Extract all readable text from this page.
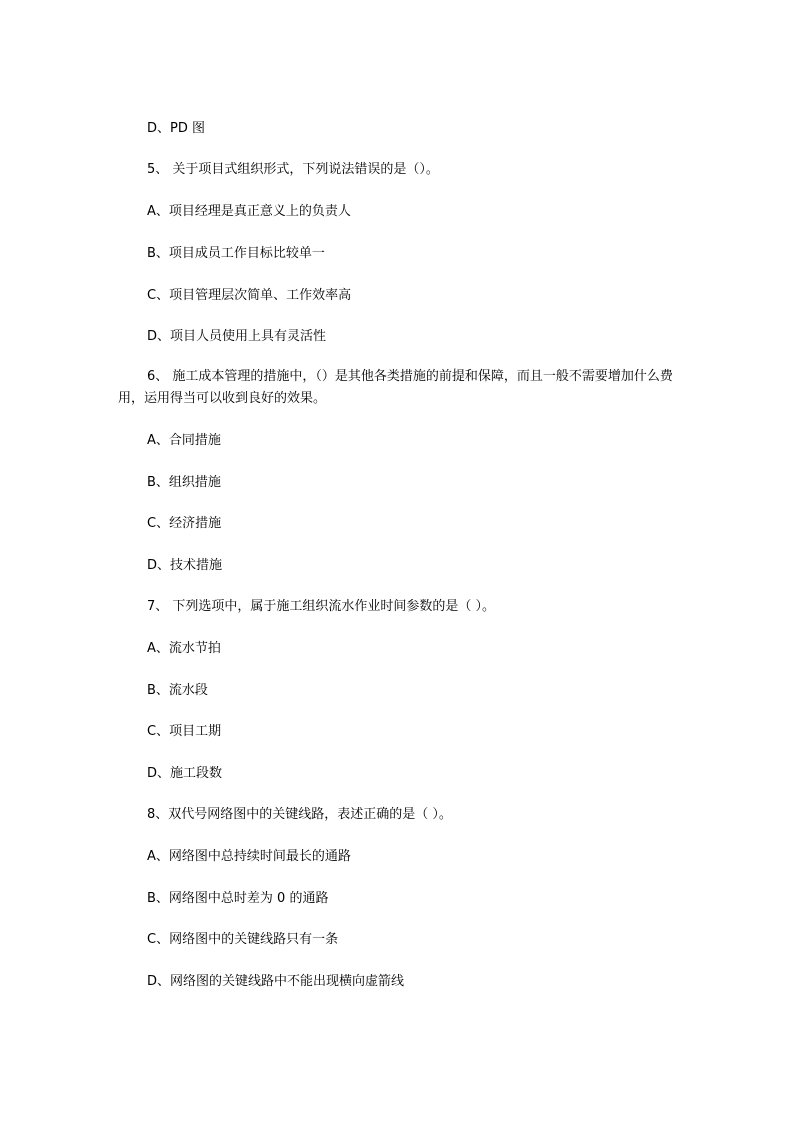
D、PD 图
5、 关于项目式组织形式，下列说法错误的是（）。
A、项目经理是真正意义上的负责人
B、项目成员工作目标比较单一
C、项目管理层次简单、工作效率高
D、项目人员使用上具有灵活性
6、 施工成本管理的措施中，（）是其他各类措施的前提和保障，而且一般不需要增加什么费用，运用得当可以收到良好的效果。
A、合同措施
B、组织措施
C、经济措施
D、技术措施
7、 下列选项中，属于施工组织流水作业时间参数的是（ ）。
A、流水节拍
B、流水段
C、项目工期
D、施工段数
8、双代号网络图中的关键线路，表述正确的是（ ）。
A、网络图中总持续时间最长的通路
B、网络图中总时差为 0 的通路
C、网络图中的关键线路只有一条
D、网络图的关键线路中不能出现横向虚箭线
